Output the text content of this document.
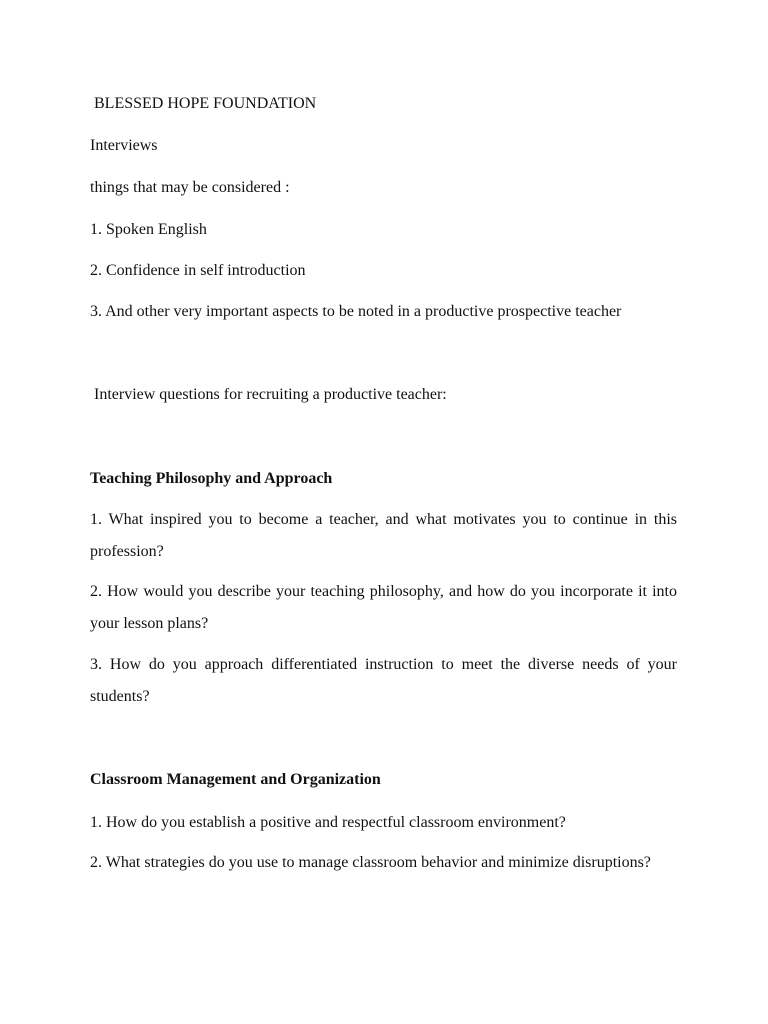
BLESSED HOPE FOUNDATION

Interviews

things that may be considered :

1. Spoken English

2. Confidence in self introduction

3. And other very important aspects to be noted in a productive prospective teacher

Interview questions for recruiting a productive teacher:

Teaching Philosophy and Approach

1. What inspired you to become a teacher, and what motivates you to continue in this profession?

2. How would you describe your teaching philosophy, and how do you incorporate it into your lesson plans?

3. How do you approach differentiated instruction to meet the diverse needs of your students?

Classroom Management and Organization

1. How do you establish a positive and respectful classroom environment?

2. What strategies do you use to manage classroom behavior and minimize disruptions?
